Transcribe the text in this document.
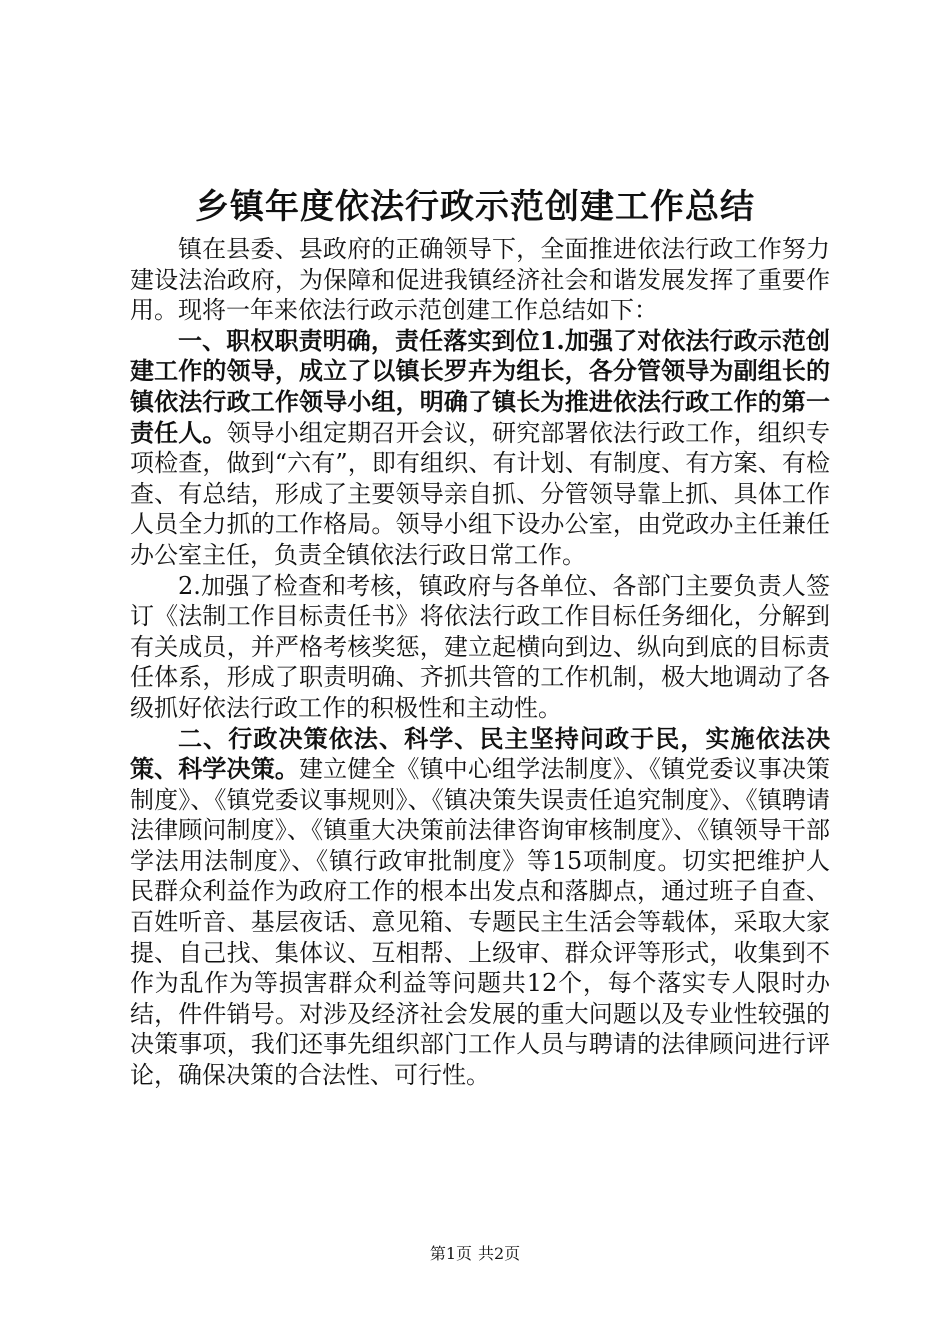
乡镇年度依法行政示范创建工作总结

镇在县委、县政府的正确领导下，全面推进依法行政工作努力建设法治政府，为保障和促进我镇经济社会和谐发展发挥了重要作用。现将一年来依法行政示范创建工作总结如下：

一、职权职责明确，责任落实到位1.加强了对依法行政示范创建工作的领导，成立了以镇长罗卉为组长，各分管领导为副组长的镇依法行政工作领导小组，明确了镇长为推进依法行政工作的第一责任人。领导小组定期召开会议，研究部署依法行政工作，组织专项检查，做到“六有”，即有组织、有计划、有制度、有方案、有检查、有总结，形成了主要领导亲自抓、分管领导靠上抓、具体工作人员全力抓的工作格局。领导小组下设办公室，由党政办主任兼任办公室主任，负责全镇依法行政日常工作。

2.加强了检查和考核，镇政府与各单位、各部门主要负责人签订《法制工作目标责任书》将依法行政工作目标任务细化，分解到有关成员，并严格考核奖惩，建立起横向到边、纵向到底的目标责任体系，形成了职责明确、齐抓共管的工作机制，极大地调动了各级抓好依法行政工作的积极性和主动性。

二、行政决策依法、科学、民主坚持问政于民，实施依法决策、科学决策。建立健全《镇中心组学法制度》、《镇党委议事决策制度》、《镇党委议事规则》、《镇决策失误责任追究制度》、《镇聘请法律顾问制度》、《镇重大决策前法律咨询审核制度》、《镇领导干部学法用法制度》、《镇行政审批制度》等15项制度。切实把维护人民群众利益作为政府工作的根本出发点和落脚点，通过班子自查、百姓听音、基层夜话、意见箱、专题民主生活会等载体，采取大家提、自己找、集体议、互相帮、上级审、群众评等形式，收集到不作为乱作为等损害群众利益等问题共12个，每个落实专人限时办结，件件销号。对涉及经济社会发展的重大问题以及专业性较强的决策事项，我们还事先组织部门工作人员与聘请的法律顾问进行评论，确保决策的合法性、可行性。

第1页 共2页
